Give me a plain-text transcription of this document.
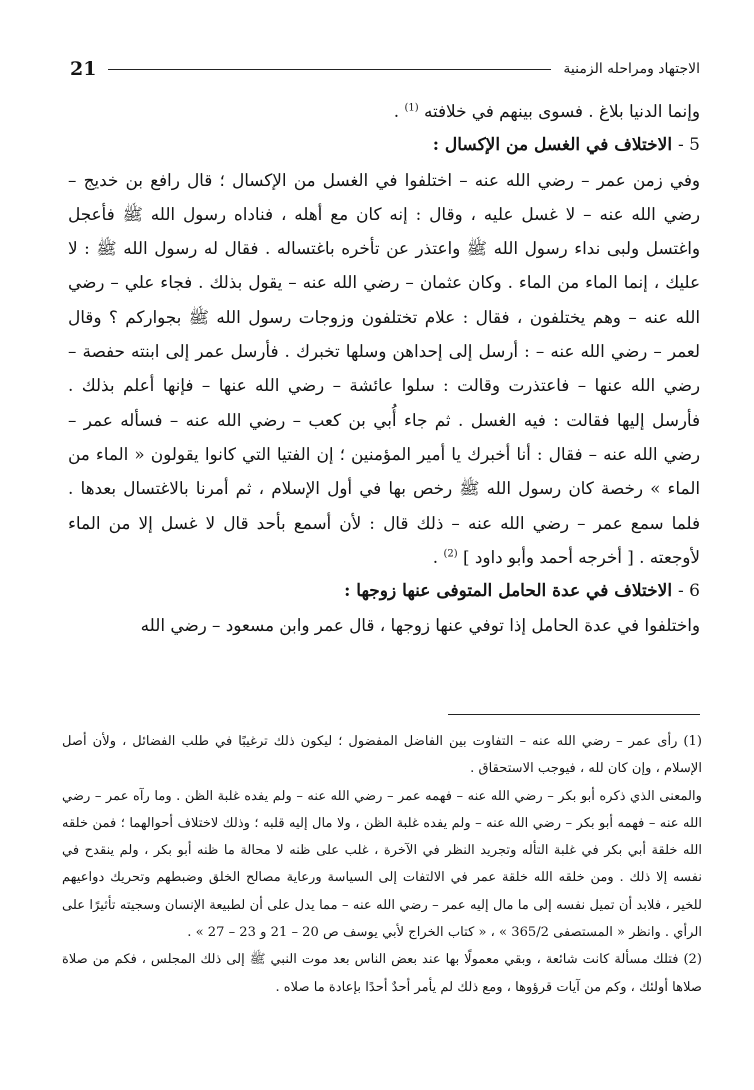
21	الاجتهاد ومراحله الزمنية

وإنما الدنيا بلاغ . فسوى بينهم في خلافته $^{(1)}$ .

5 - الاختلاف في الغسل من الإكسال :

وفي زمن عمر – رضي الله عنه – اختلفوا في الغسل من الإكسال ؛ قال رافع بن خديج – رضي الله عنه – لا غسل عليه ، وقال : إنه كان مع أهله ، فناداه رسول الله ﷺ فأعجل واغتسل ولبى نداء رسول الله ﷺ واعتذر عن تأخره باغتساله . فقال له رسول الله ﷺ : لا عليك ، إنما الماء من الماء . وكان عثمان – رضي الله عنه – يقول بذلك . فجاء علي – رضي الله عنه – وهم يختلفون ، فقال : علام تختلفون وزوجات رسول الله ﷺ بجواركم ؟ وقال لعمر – رضي الله عنه – : أرسل إلى إحداهن وسلها تخبرك . فأرسل عمر إلى ابنته حفصة – رضي الله عنها – فاعتذرت وقالت : سلوا عائشة – رضي الله عنها – فإنها أعلم بذلك . فأرسل إليها فقالت : فيه الغسل . ثم جاء أُبي بن كعب – رضي الله عنه – فسأله عمر – رضي الله عنه – فقال : أنا أخبرك يا أمير المؤمنين ؛ إن الفتيا التي كانوا يقولون « الماء من الماء » رخصة كان رسول الله ﷺ رخص بها في أول الإسلام ، ثم أمرنا بالاغتسال بعدها . فلما سمع عمر – رضي الله عنه – ذلك قال : لأن أسمع بأحد قال لا غسل إلا من الماء لأوجعته . [ أخرجه أحمد وأبو داود ] $^{(2)}$ .

6 - الاختلاف في عدة الحامل المتوفى عنها زوجها :

واختلفوا في عدة الحامل إذا توفي عنها زوجها ، قال عمر وابن مسعود – رضي الله

(1) رأى عمر – رضي الله عنه – التفاوت بين الفاضل المفضول ؛ ليكون ذلك ترغيبًا في طلب الفضائل ، ولأن أصل الإسلام ، وإن كان لله ، فيوجب الاستحقاق .

والمعنى الذي ذكره أبو بكر – رضي الله عنه – فهمه عمر – رضي الله عنه – ولم يفده غلبة الظن . وما رآه عمر – رضي الله عنه – فهمه أبو بكر – رضي الله عنه – ولم يفده غلبة الظن ، ولا مال إليه قلبه ؛ وذلك لاختلاف أحوالهما ؛ فمن خلقه الله خلقة أبي بكر في غلبة التأله وتجريد النظر في الآخرة ، غلب على ظنه لا محالة ما ظنه أبو بكر ، ولم ينقدح في نفسه إلا ذلك . ومن خلقه الله خلقة عمر في الالتفات إلى السياسة ورعاية مصالح الخلق وضبطهم وتحريك دواعيهم للخير ، فلابد أن تميل نفسه إلى ما مال إليه عمر – رضي الله عنه – مما يدل على أن لطبيعة الإنسان وسجيته تأثيرًا على الرأي . وانظر « المستصفى 365/2 » ، « كتاب الخراج لأبي يوسف ص 20 – 21 و 23 – 27 » .

(2) فتلك مسألة كانت شائعة ، وبقي معمولًا بها عند بعض الناس بعد موت النبي ﷺ إلى ذلك المجلس ، فكم من صلاة صلاها أولئك ، وكم من آيات قرؤوها ، ومع ذلك لم يأمر أحدٌ أحدًا بإعادة ما صلاه .
